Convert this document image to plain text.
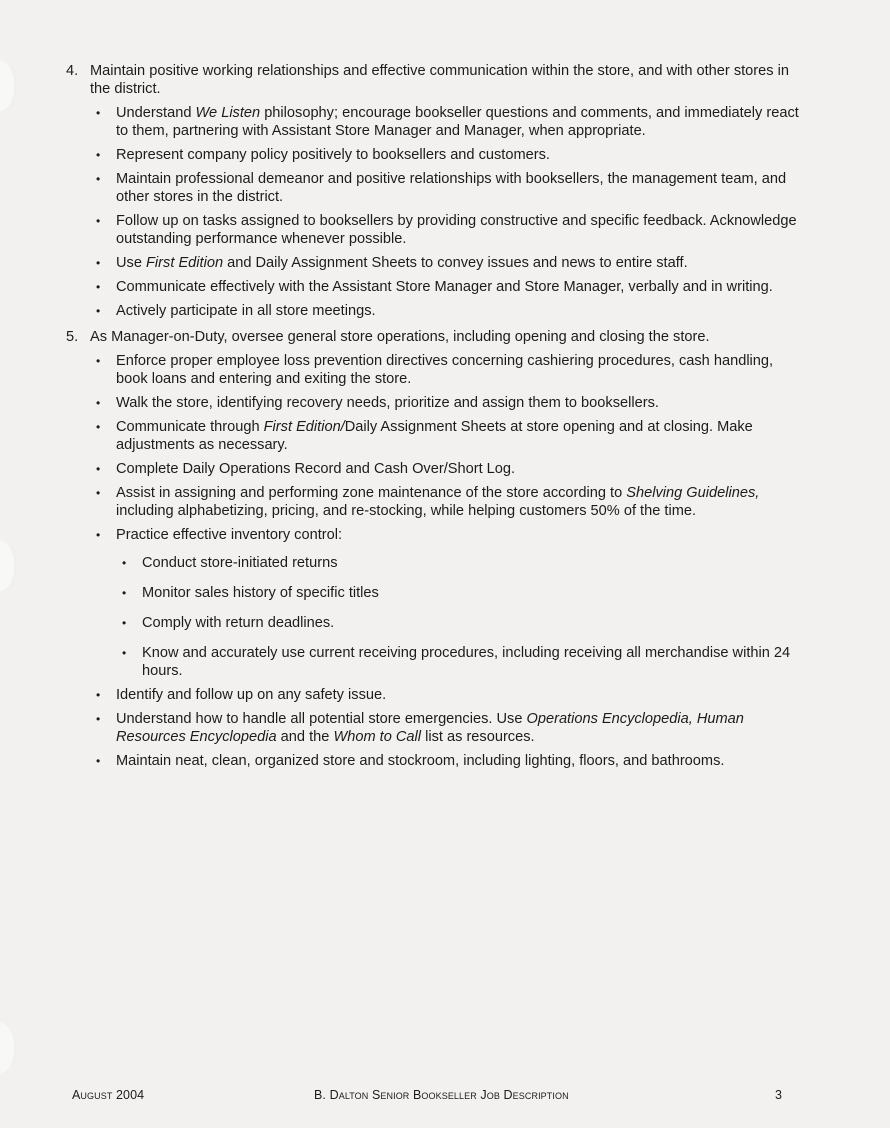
4. Maintain positive working relationships and effective communication within the store, and with other stores in the district.
• Understand We Listen philosophy; encourage bookseller questions and comments, and immediately react to them, partnering with Assistant Store Manager and Manager, when appropriate.
• Represent company policy positively to booksellers and customers.
• Maintain professional demeanor and positive relationships with booksellers, the management team, and other stores in the district.
• Follow up on tasks assigned to booksellers by providing constructive and specific feedback. Acknowledge outstanding performance whenever possible.
• Use First Edition and Daily Assignment Sheets to convey issues and news to entire staff.
• Communicate effectively with the Assistant Store Manager and Store Manager, verbally and in writing.
• Actively participate in all store meetings.
5. As Manager-on-Duty, oversee general store operations, including opening and closing the store.
• Enforce proper employee loss prevention directives concerning cashiering procedures, cash handling, book loans and entering and exiting the store.
• Walk the store, identifying recovery needs, prioritize and assign them to booksellers.
• Communicate through First Edition/Daily Assignment Sheets at store opening and at closing. Make adjustments as necessary.
• Complete Daily Operations Record and Cash Over/Short Log.
• Assist in assigning and performing zone maintenance of the store according to Shelving Guidelines, including alphabetizing, pricing, and re-stocking, while helping customers 50% of the time.
• Practice effective inventory control:
• Conduct store-initiated returns
• Monitor sales history of specific titles
• Comply with return deadlines.
• Know and accurately use current receiving procedures, including receiving all merchandise within 24 hours.
• Identify and follow up on any safety issue.
• Understand how to handle all potential store emergencies. Use Operations Encyclopedia, Human Resources Encyclopedia and the Whom to Call list as resources.
• Maintain neat, clean, organized store and stockroom, including lighting, floors, and bathrooms.
August 2004	B. Dalton Senior Bookseller Job Description	3
